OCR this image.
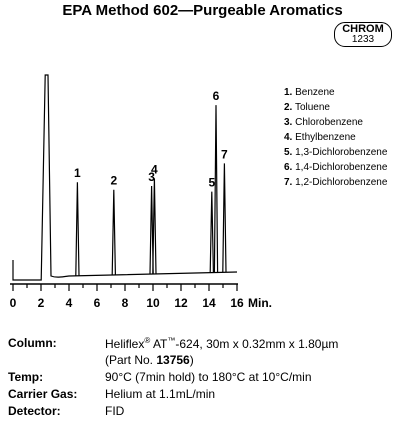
EPA Method 602—Purgeable Aromatics
CHROM
1233
1
2	3
4
5
6
7
0 2 4 6 8 10 12 14 16 Min.
1. Benzene
2. Toluene
3. Chlorobenzene
4. Ethylbenzene
5. 1,3-Dichlorobenzene
6. 1,4-Dichlorobenzene
7. 1,2-Dichlorobenzene
Column:	Heliflex® AT™-624, 30m x 0.32mm x 1.80µm
(Part No. 13756)
Temp:	90°C (7min hold) to 180°C at 10°C/min
Carrier Gas: Helium at 1.1mL/min
Detector:	FID
